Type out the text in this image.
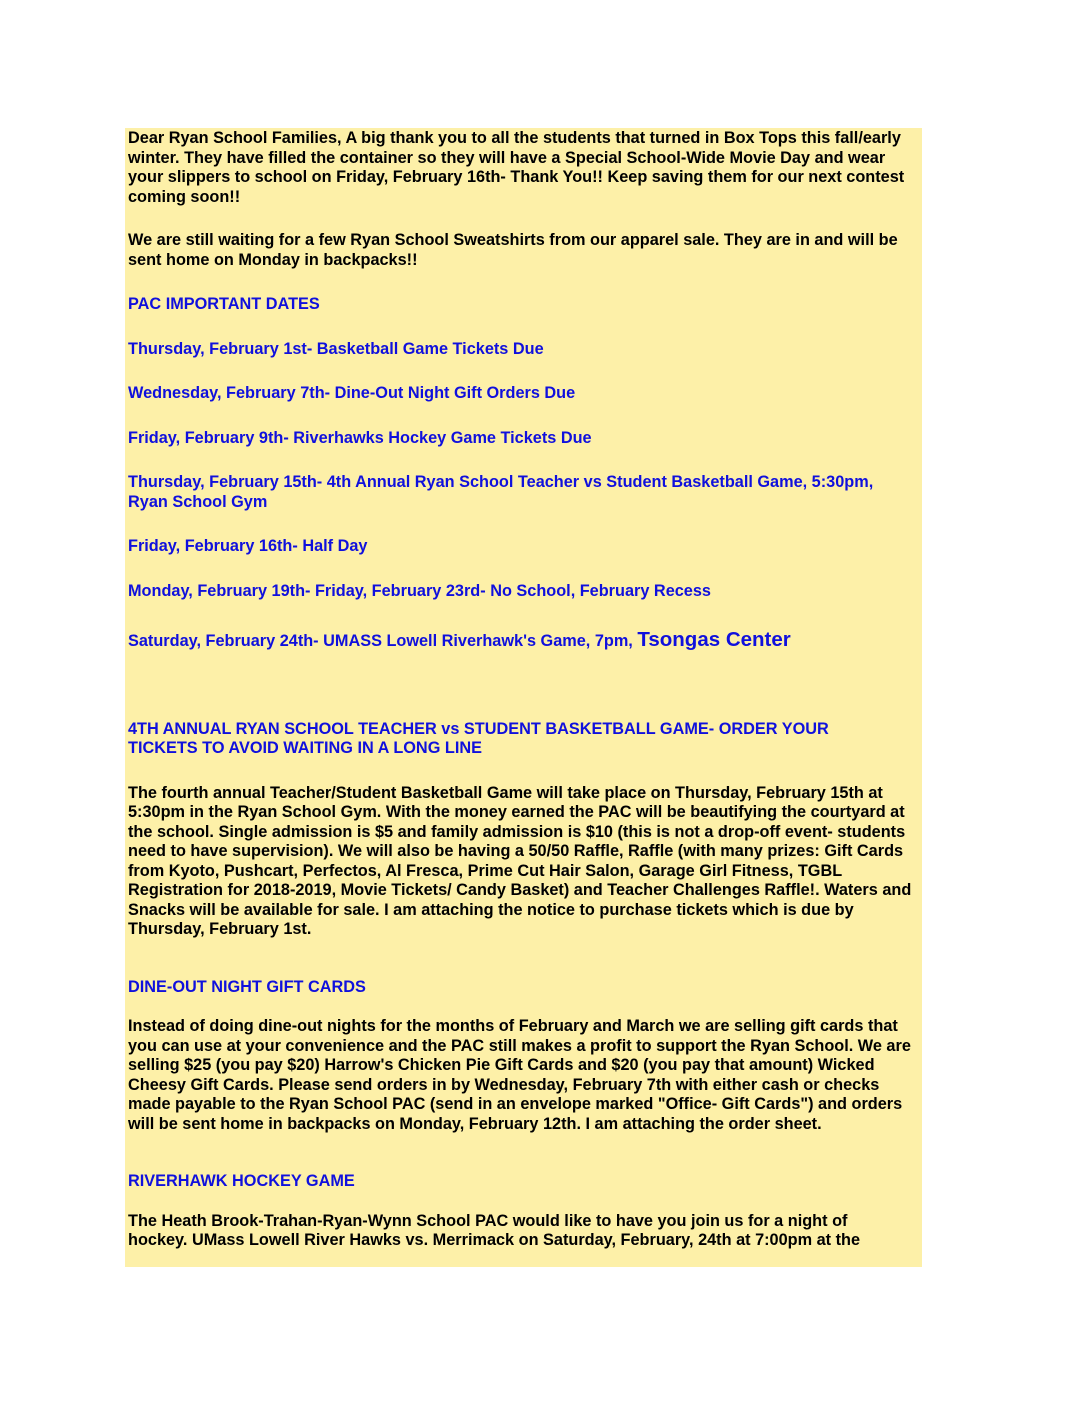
Dear Ryan School Families, A big thank you to all the students that turned in Box Tops this fall/early winter. They have filled the container so they will have a Special School-Wide Movie Day and wear your slippers to school on Friday, February 16th- Thank You!! Keep saving them for our next contest coming soon!!

We are still waiting for a few Ryan School Sweatshirts from our apparel sale. They are in and will be sent home on Monday in backpacks!!

PAC IMPORTANT DATES

Thursday, February 1st- Basketball Game Tickets Due

Wednesday, February 7th- Dine-Out Night Gift Orders Due

Friday, February 9th- Riverhawks Hockey Game Tickets Due

Thursday, February 15th- 4th Annual Ryan School Teacher vs Student Basketball Game, 5:30pm, Ryan School Gym

Friday, February 16th- Half Day

Monday, February 19th- Friday, February 23rd- No School, February Recess

Saturday, February 24th- UMASS Lowell Riverhawk's Game, 7pm, Tsongas Center

4TH ANNUAL RYAN SCHOOL TEACHER vs STUDENT BASKETBALL GAME- ORDER YOUR TICKETS TO AVOID WAITING IN A LONG LINE

The fourth annual Teacher/Student Basketball Game will take place on Thursday, February 15th at 5:30pm in the Ryan School Gym. With the money earned the PAC will be beautifying the courtyard at the school. Single admission is $5 and family admission is $10 (this is not a drop-off event- students need to have supervision). We will also be having a 50/50 Raffle, Raffle (with many prizes: Gift Cards from Kyoto, Pushcart, Perfectos, Al Fresca, Prime Cut Hair Salon, Garage Girl Fitness, TGBL Registration for 2018-2019, Movie Tickets/ Candy Basket) and Teacher Challenges Raffle!. Waters and Snacks will be available for sale. I am attaching the notice to purchase tickets which is due by Thursday, February 1st.

DINE-OUT NIGHT GIFT CARDS

Instead of doing dine-out nights for the months of February and March we are selling gift cards that you can use at your convenience and the PAC still makes a profit to support the Ryan School. We are selling $25 (you pay $20) Harrow's Chicken Pie Gift Cards and $20 (you pay that amount) Wicked Cheesy Gift Cards. Please send orders in by Wednesday, February 7th with either cash or checks made payable to the Ryan School PAC (send in an envelope marked "Office- Gift Cards") and orders will be sent home in backpacks on Monday, February 12th. I am attaching the order sheet.

RIVERHAWK HOCKEY GAME

The Heath Brook-Trahan-Ryan-Wynn School PAC would like to have you join us for a night of hockey. UMass Lowell River Hawks vs. Merrimack on Saturday, February, 24th at 7:00pm at the
